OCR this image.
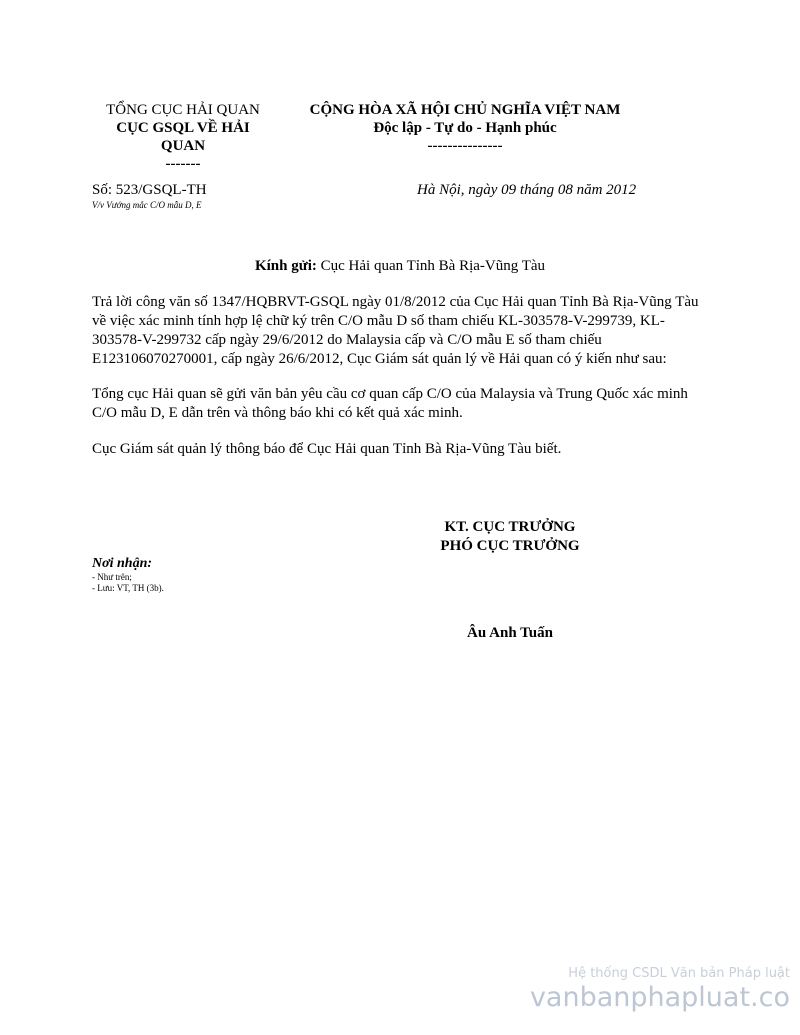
TỔNG CỤC HẢI QUAN
CỤC GSQL VỀ HẢI
QUAN
-------
CỘNG HÒA XÃ HỘI CHỦ NGHĨA VIỆT NAM
Độc lập - Tự do - Hạnh phúc
---------------
Số: 523/GSQL-TH
V/v Vướng mắc C/O mẫu D, E
Hà Nội, ngày 09 tháng 08 năm 2012
Kính gửi: Cục Hải quan Tỉnh Bà Rịa-Vũng Tàu
Trả lời công văn số 1347/HQBRVT-GSQL ngày 01/8/2012 của Cục Hải quan Tỉnh Bà Rịa-Vũng Tàu về việc xác minh tính hợp lệ chữ ký trên C/O mẫu D số tham chiếu KL-303578-V-299739, KL-303578-V-299732 cấp ngày 29/6/2012 do Malaysia cấp và C/O mẫu E số tham chiếu E123106070270001, cấp ngày 26/6/2012, Cục Giám sát quản lý về Hải quan có ý kiến như sau:
Tổng cục Hải quan sẽ gửi văn bản yêu cầu cơ quan cấp C/O của Malaysia và Trung Quốc xác minh C/O mẫu D, E dẫn trên và thông báo khi có kết quả xác minh.
Cục Giám sát quản lý thông báo để Cục Hải quan Tỉnh Bà Rịa-Vũng Tàu biết.
KT. CỤC TRƯỞNG
PHÓ CỤC TRƯỞNG
Nơi nhận:
- Như trên;
- Lưu: VT, TH (3b).
Âu Anh Tuấn
Hệ thống CSDL Văn bản Pháp luật
vanbanphapluat.co
